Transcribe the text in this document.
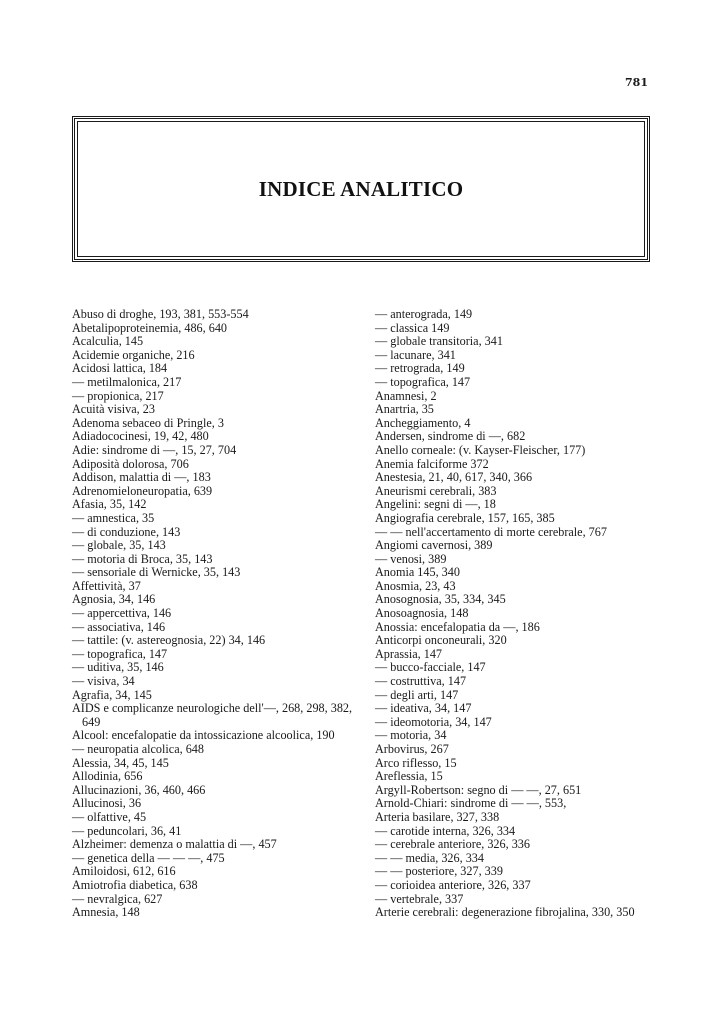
781
INDICE ANALITICO
Abuso di droghe, 193, 381, 553-554
Abetalipoproteinemia, 486, 640
Acalculia, 145
Acidemie organiche, 216
Acidosi lattica, 184
— metilmalonica, 217
— propionica, 217
Acuità visiva, 23
Adenoma sebaceo di Pringle, 3
Adiadococinesi, 19, 42, 480
Adie: sindrome di —, 15, 27, 704
Adiposità dolorosa, 706
Addison, malattia di —, 183
Adrenomieloneuropatia, 639
Afasia, 35, 142
— amnestica, 35
— di conduzione, 143
— globale, 35, 143
— motoria di Broca, 35, 143
— sensoriale di Wernicke, 35, 143
Affettività, 37
Agnosia, 34, 146
— appercettiva, 146
— associativa, 146
— tattile: (v. astereognosia, 22) 34, 146
— topografica, 147
— uditiva, 35, 146
— visiva, 34
Agrafia, 34, 145
AIDS e complicanze neurologiche dell'—, 268, 298, 382, 649
Alcool: encefalopatie da intossicazione alcoolica, 190
— neuropatia alcolica, 648
Alessia, 34, 45, 145
Allodinia, 656
Allucinazioni, 36, 460, 466
Allucinosi, 36
— olfattive, 45
— peduncolari, 36, 41
Alzheimer: demenza o malattia di —, 457
— genetica della — — —, 475
Amiloidosi, 612, 616
Amiotrofia diabetica, 638
— nevralgica, 627
Amnesia, 148
— anterograda, 149
— classica 149
— globale transitoria, 341
— lacunare, 341
— retrograda, 149
— topografica, 147
Anamnesi, 2
Anartria, 35
Ancheggiamento, 4
Andersen, sindrome di —, 682
Anello corneale: (v. Kayser-Fleischer, 177)
Anemia falciforme 372
Anestesia, 21, 40, 617, 340, 366
Aneurismi cerebrali, 383
Angelini: segni di —, 18
Angiografia cerebrale, 157, 165, 385
— — nell'accertamento di morte cerebrale, 767
Angiomi cavernosi, 389
— venosi, 389
Anomia 145, 340
Anosmia, 23, 43
Anosognosia, 35, 334, 345
Anosoagnosia, 148
Anossia: encefalopatia da —, 186
Anticorpi onconeurali, 320
Aprassia, 147
— bucco-facciale, 147
— costruttiva, 147
— degli arti, 147
— ideativa, 34, 147
— ideomotoria, 34, 147
— motoria, 34
Arbovirus, 267
Arco riflesso, 15
Areflessia, 15
Argyll-Robertson: segno di — —, 27, 651
Arnold-Chiari: sindrome di — —, 553,
Arteria basilare, 327, 338
— carotide interna, 326, 334
— cerebrale anteriore, 326, 336
— — media, 326, 334
— — posteriore, 327, 339
— corioidea anteriore, 326, 337
— vertebrale, 337
Arterie cerebrali: degenerazione fibrojalina, 330, 350
